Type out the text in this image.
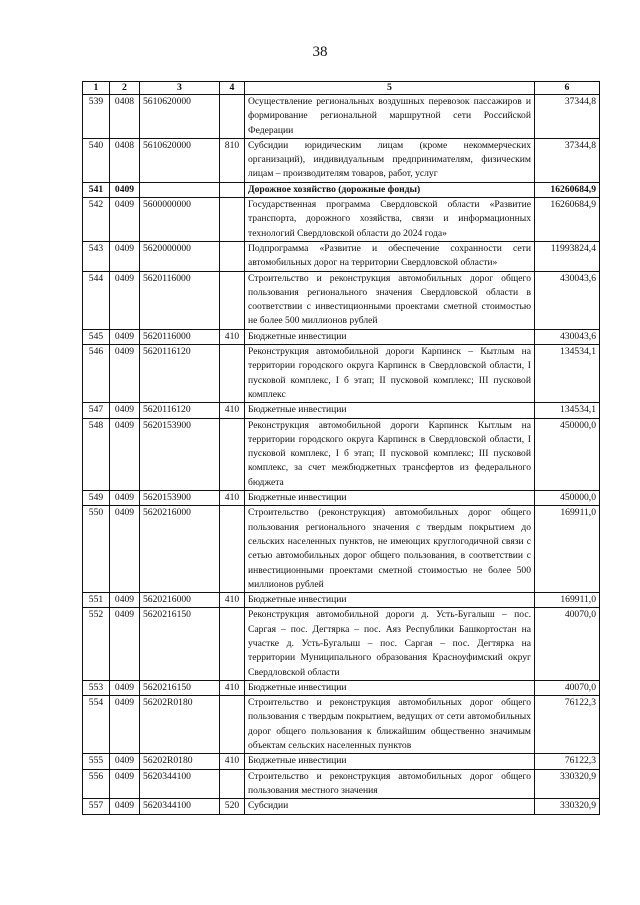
38
1	2	3	4	5	6
539	0408	5610620000		Осуществление региональных воздушных перевозок пассажиров и формирование региональной маршрутной сети Российской Федерации	37344,8
540	0408	5610620000	810	Субсидии юридическим лицам (кроме некоммерческих организаций), индивидуальным предпринимателям, физическим лицам – производителям товаров, работ, услуг	37344,8
541	0409			Дорожное хозяйство (дорожные фонды)	16260684,9
542	0409	5600000000		Государственная программа Свердловской области «Развитие транспорта, дорожного хозяйства, связи и информационных технологий Свердловской области до 2024 года»	16260684,9
543	0409	5620000000		Подпрограмма «Развитие и обеспечение сохранности сети автомобильных дорог на территории Свердловской области»	11993824,4
544	0409	5620116000		Строительство и реконструкция автомобильных дорог общего пользования регионального значения Свердловской области в соответствии с инвестиционными проектами сметной стоимостью не более 500 миллионов рублей	430043,6
545	0409	5620116000	410	Бюджетные инвестиции	430043,6
546	0409	5620116120		Реконструкция автомобильной дороги Карпинск – Кытлым на территории городского округа Карпинск в Свердловской области, I пусковой комплекс, I б этап; II пусковой комплекс; III пусковой комплекс	134534,1
547	0409	5620116120	410	Бюджетные инвестиции	134534,1
548	0409	5620153900		Реконструкция автомобильной дороги Карпинск Кытлым на территории городского округа Карпинск в Свердловской области, I пусковой комплекс, I б этап; II пусковой комплекс; III пусковой комплекс, за счет межбюджетных трансфертов из федерального бюджета	450000,0
549	0409	5620153900	410	Бюджетные инвестиции	450000,0
550	0409	5620216000		Строительство (реконструкция) автомобильных дорог общего пользования регионального значения с твердым покрытием до сельских населенных пунктов, не имеющих круглогодичной связи с сетью автомобильных дорог общего пользования, в соответствии с инвестиционными проектами сметной стоимостью не более 500 миллионов рублей	169911,0
551	0409	5620216000	410	Бюджетные инвестиции	169911,0
552	0409	5620216150		Реконструкция автомобильной дороги д. Усть-Бугалыш – пос. Саргая – пос. Дегтярка – пос. Аяз Республики Башкортостан на участке д. Усть-Бугалыш – пос. Саргая – пос. Дегтярка на территории Муниципального образования Красноуфимский округ Свердловской области	40070,0
553	0409	5620216150	410	Бюджетные инвестиции	40070,0
554	0409	56202R0180		Строительство и реконструкция автомобильных дорог общего пользования с твердым покрытием, ведущих от сети автомобильных дорог общего пользования к ближайшим общественно значимым объектам сельских населенных пунктов	76122,3
555	0409	56202R0180	410	Бюджетные инвестиции	76122,3
556	0409	5620344100		Строительство и реконструкция автомобильных дорог общего пользования местного значения	330320,9
557	0409	5620344100	520	Субсидии	330320,9
